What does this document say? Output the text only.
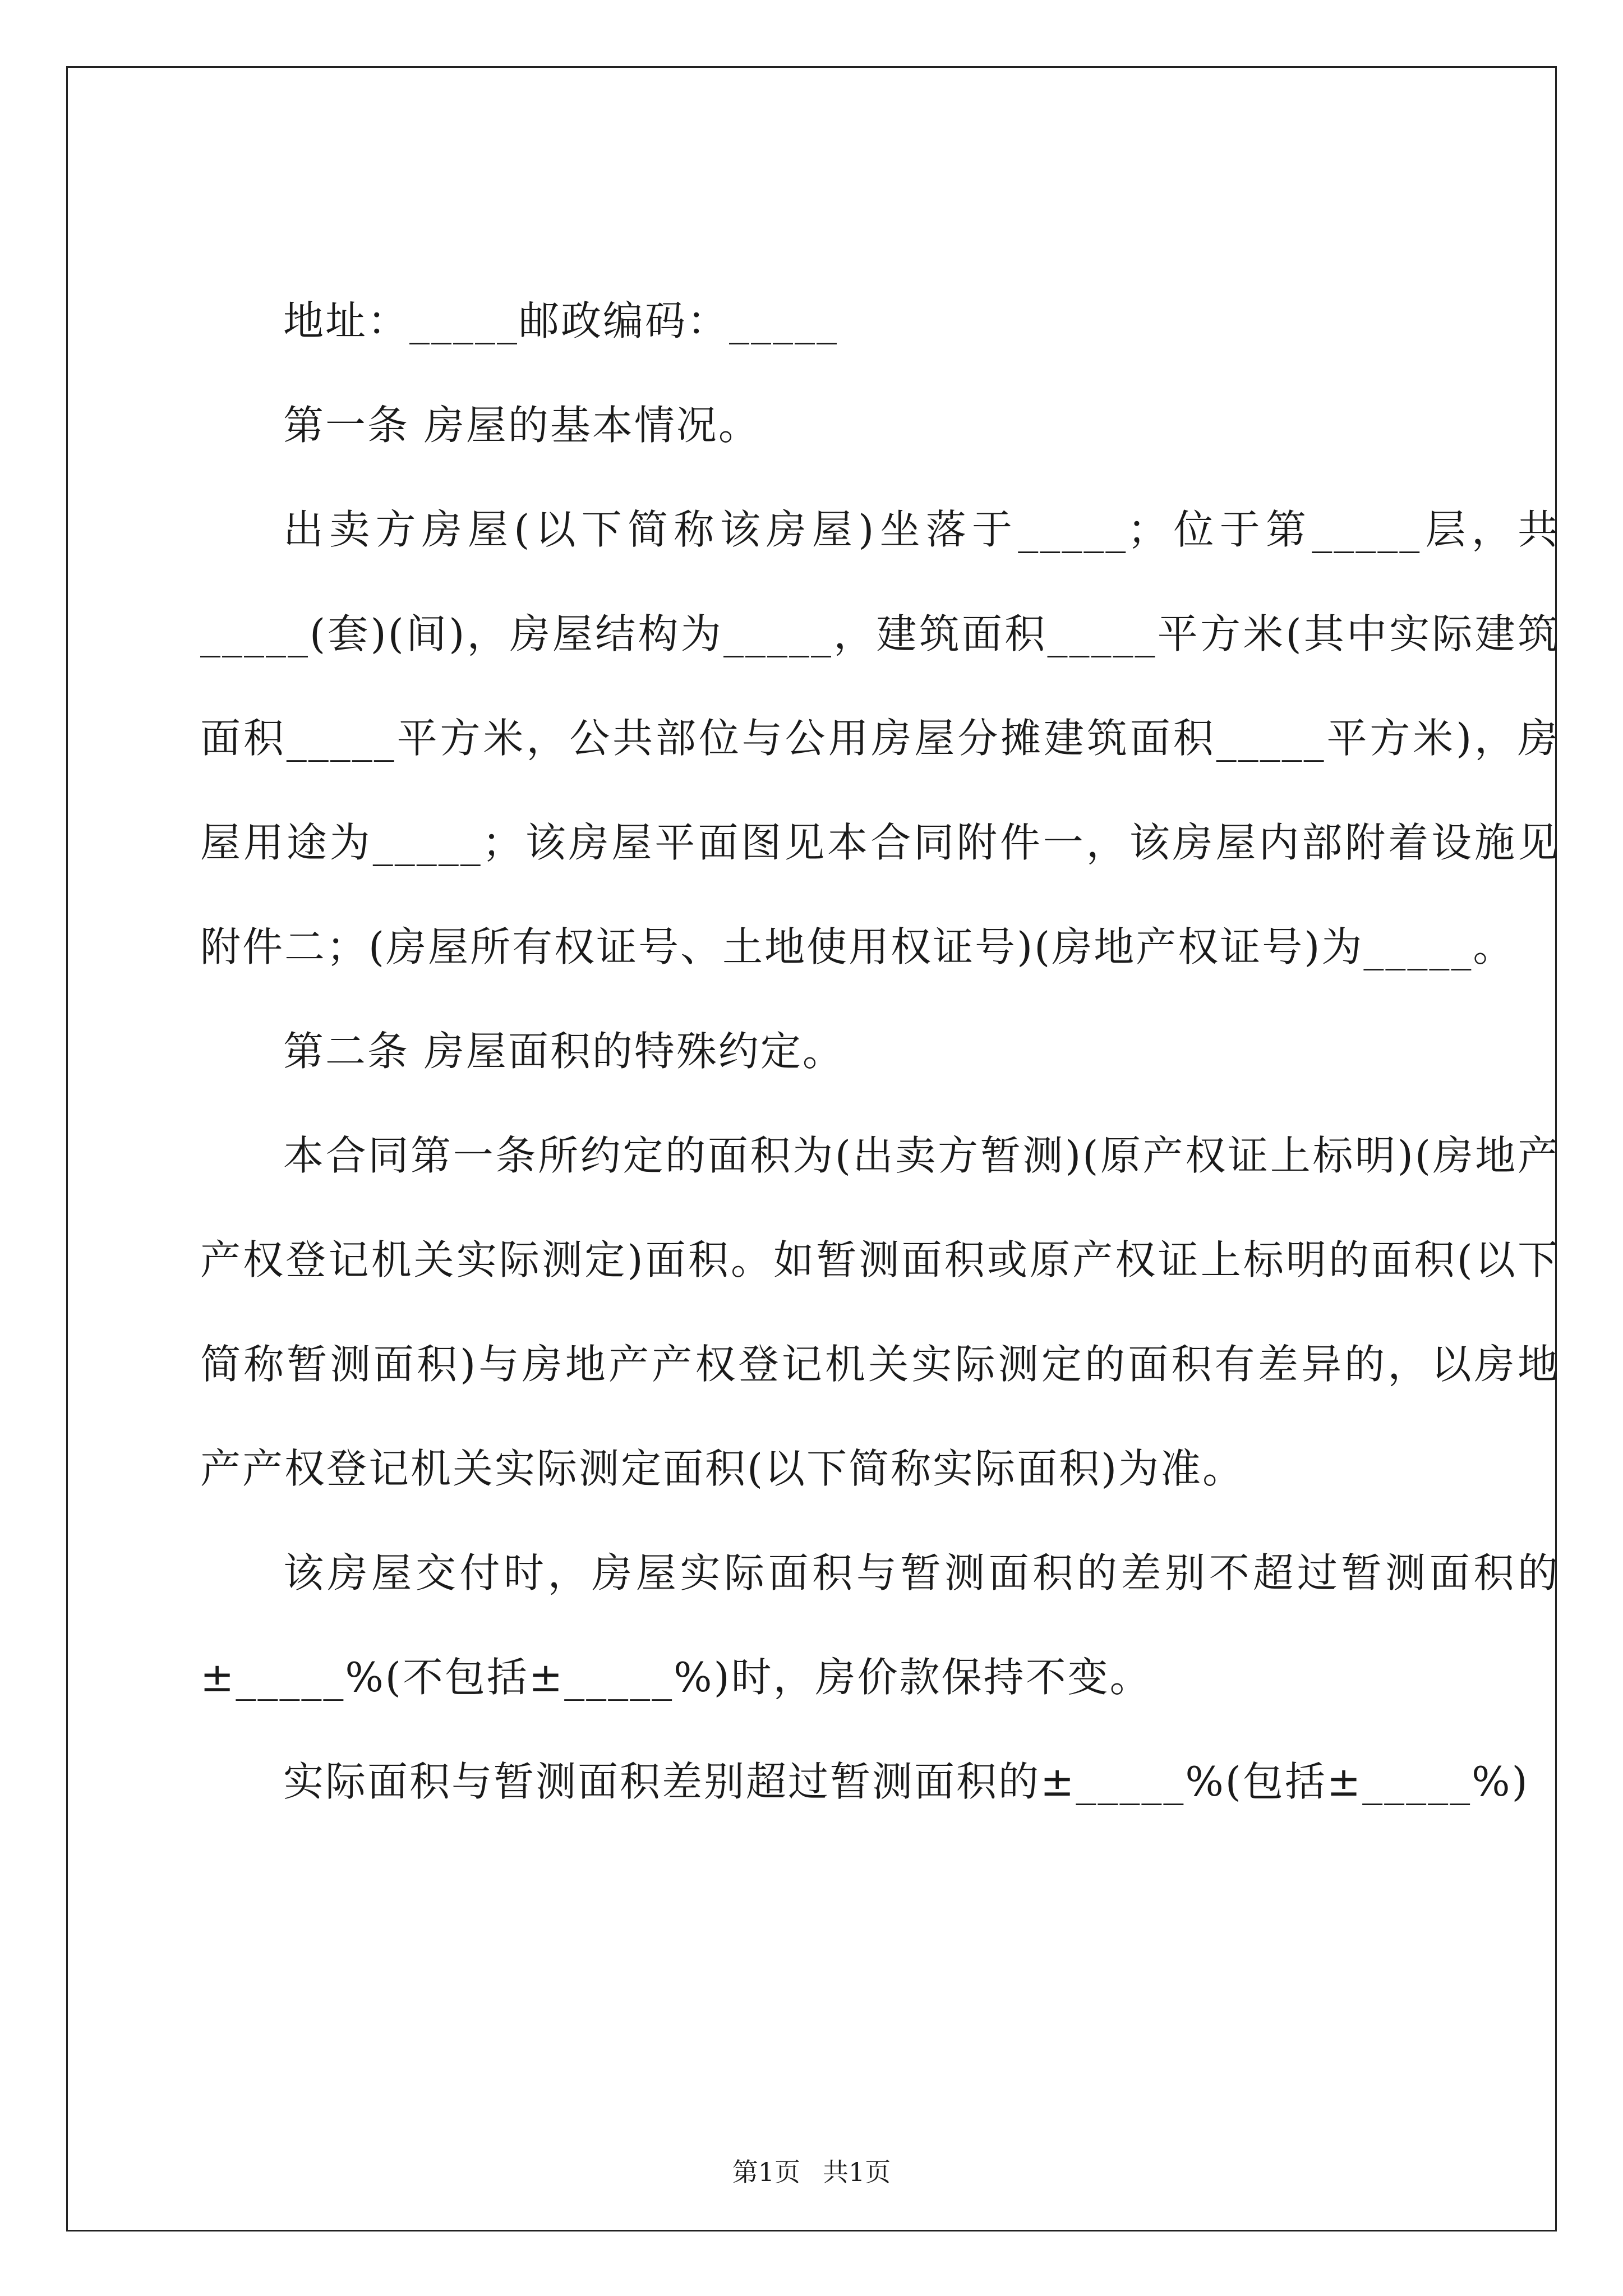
地址：_____邮政编码：_____

第一条 房屋的基本情况。

出卖方房屋(以下简称该房屋)坐落于_____；位于第_____层，共_____(套)(间)，房屋结构为_____，建筑面积_____平方米(其中实际建筑面积_____平方米，公共部位与公用房屋分摊建筑面积_____平方米)，房屋用途为_____；该房屋平面图见本合同附件一，该房屋内部附着设施见附件二；(房屋所有权证号、土地使用权证号)(房地产权证号)为_____。

第二条 房屋面积的特殊约定。

本合同第一条所约定的面积为(出卖方暂测)(原产权证上标明)(房地产产权登记机关实际测定)面积。如暂测面积或原产权证上标明的面积(以下简称暂测面积)与房地产产权登记机关实际测定的面积有差异的，以房地产产权登记机关实际测定面积(以下简称实际面积)为准。

该房屋交付时，房屋实际面积与暂测面积的差别不超过暂测面积的±_____%(不包括±_____%)时，房价款保持不变。

实际面积与暂测面积差别超过暂测面积的±_____%(包括±_____%)

第1页 共1页
